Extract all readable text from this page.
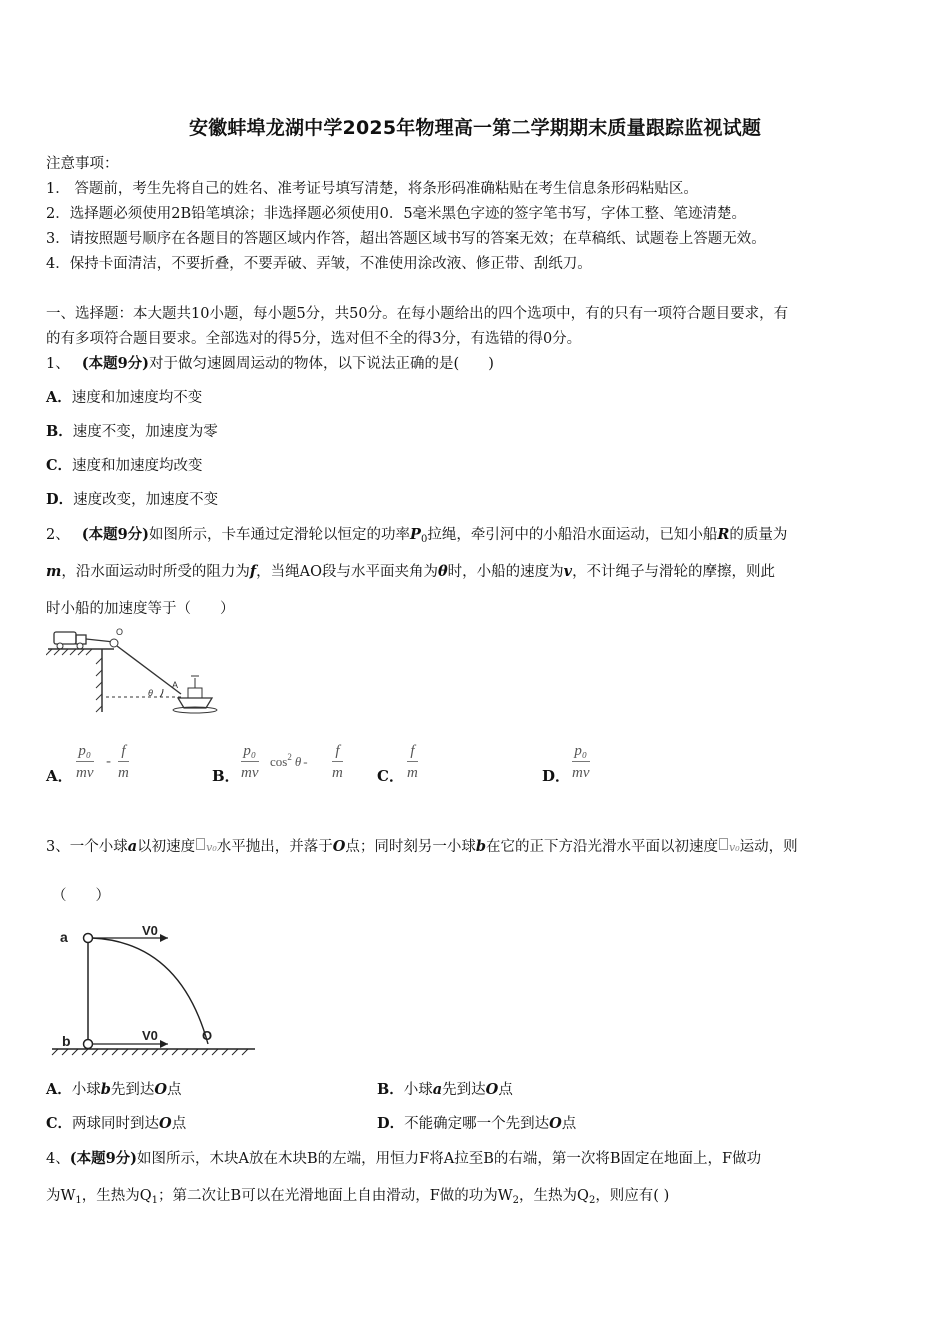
安徽蚌埠龙湖中学2025年物理高一第二学期期末质量跟踪监视试题
注意事项：
1． 答题前，考生先将自己的姓名、准考证号填写清楚，将条形码准确粘贴在考生信息条形码粘贴区。
2．选择题必须使用2B铅笔填涂；非选择题必须使用0．5毫米黑色字迹的签字笔书写，字体工整、笔迹清楚。
3．请按照题号顺序在各题目的答题区域内作答，超出答题区域书写的答案无效；在草稿纸、试题卷上答题无效。
4．保持卡面清洁，不要折叠，不要弄破、弄皱，不准使用涂改液、修正带、刮纸刀。
一、选择题：本大题共10小题，每小题5分，共50分。在每小题给出的四个选项中，有的只有一项符合题目要求，有
的有多项符合题目要求。全部选对的得5分，选对但不全的得3分，有选错的得0分。
1、 (本题9分)对于做匀速圆周运动的物体，以下说法正确的是(　　)
A．速度和加速度均不变
B．速度不变，加速度为零
C．速度和加速度均改变
D．速度改变，加速度不变
2、 (本题9分)如图所示，卡车通过定滑轮以恒定的功率$P_0$拉绳，牵引河中的小船沿水面运动，已知小船R的质量为
m，沿水面运动时所受的阻力为f，当绳AO段与水平面夹角为θ时，小船的速度为v，不计绳子与滑轮的摩擦，则此
时小船的加速度等于（　　）
O
θ
A
A． $\frac{\text{p₀}}{mv} - \frac{f}{m}$	B． $\frac{\text{p₀}}{mv} \cos^2 \theta - \frac{f}{m}$ C． $\frac{f}{m}$	D． $\frac{\text{p₀}}{mv}$
3、一个小球a以初速度 v₀水平抛出，并落于O点；同时刻另一小球b在它的正下方沿光滑水平面以初速度 v₀运动，则
（　　）
a	V0
O
b	V0
A．小球b先到达O点	B．小球a先到达O点
C．两球同时到达O点	D．不能确定哪一个先到达O点
4、(本题9分)如图所示，木块A放在木块B的左端，用恒力F将A拉至B的右端，第一次将B固定在地面上，F做功
为$W_1$，生热为$Q_1$；第二次让B可以在光滑地面上自由滑动，F做的功为$W_2$，生热为$Q_2$，则应有( )
